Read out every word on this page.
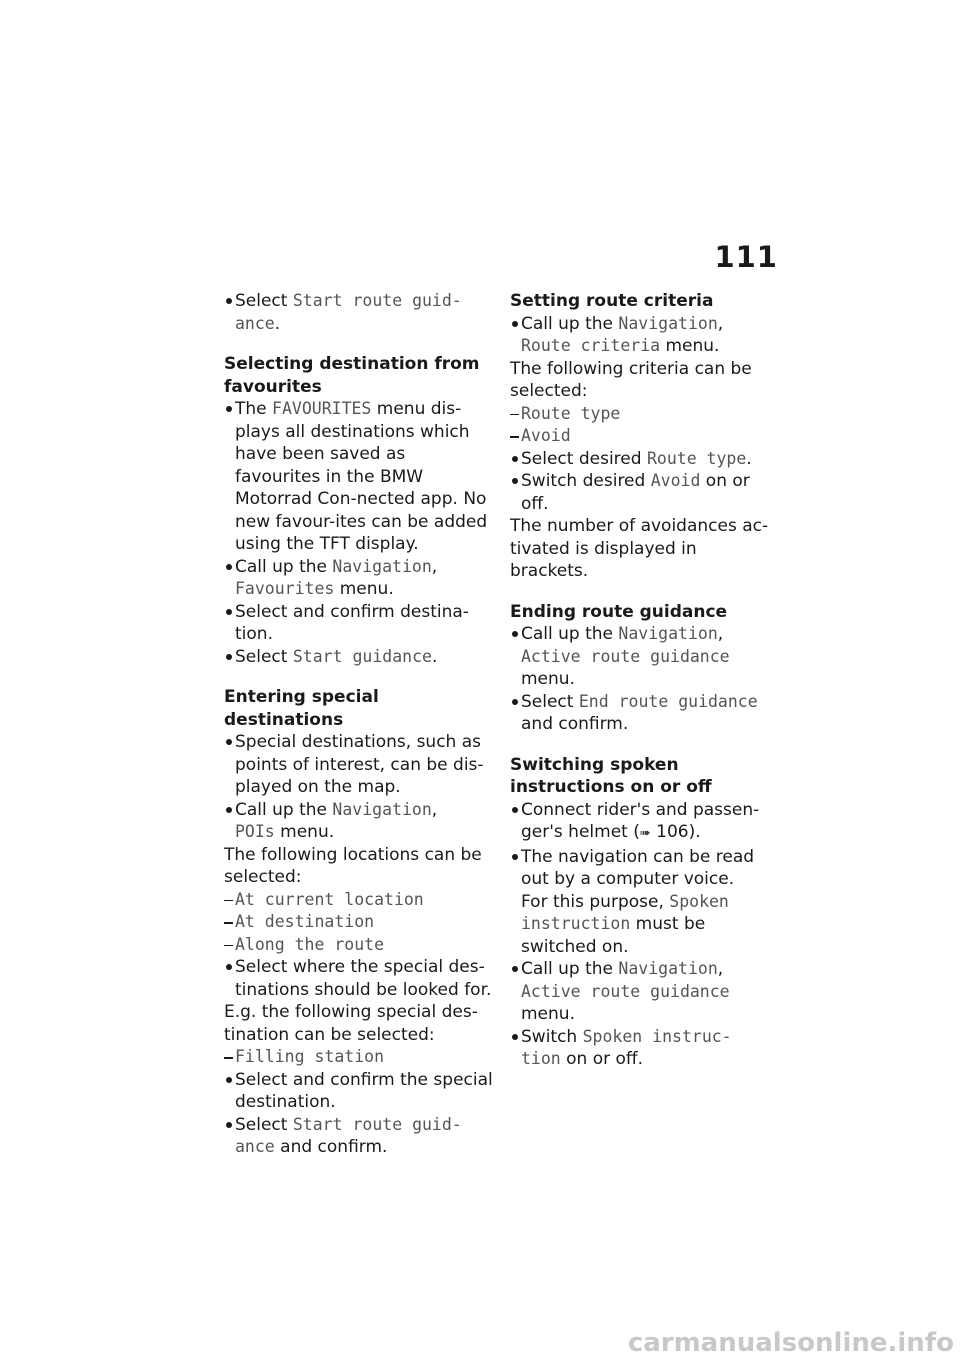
111

Select Start route guid-
ance.

Selecting destination from favourites

The FAVOURITES menu dis-plays all destinations which have been saved as favourites in the BMW Motorrad Con-nected app. No new favour-ites can be added using the TFT display.

Call up the Navigation,
Favourites menu.

Select and confirm destina-tion.

Select Start guidance.

Entering special destinations

Special destinations, such as points of interest, can be dis-played on the map.

Call up the Navigation,
POIs menu.

The following locations can be selected:

At current location

At destination

Along the route

Select where the special des-tinations should be looked for.

E.g. the following special des-tination can be selected:

Filling station

Select and confirm the special destination.

Select Start route guid-
ance and confirm.

Setting route criteria

Call up the Navigation,
Route criteria menu.

The following criteria can be selected:

Route type

Avoid

Select desired Route type.

Switch desired Avoid on or off.

The number of avoidances ac-tivated is displayed in brackets.

Ending route guidance

Call up the Navigation,
Active route guidance
menu.

Select End route guidance
and confirm.

Switching spoken instructions on or off

Connect rider's and passen-ger's helmet (➠ 106).

The navigation can be read out by a computer voice.
For this purpose, Spoken instruction must be switched on.

Call up the Navigation,
Active route guidance
menu.

Switch Spoken instruc-
tion on or off.

carmanualsonline.info
